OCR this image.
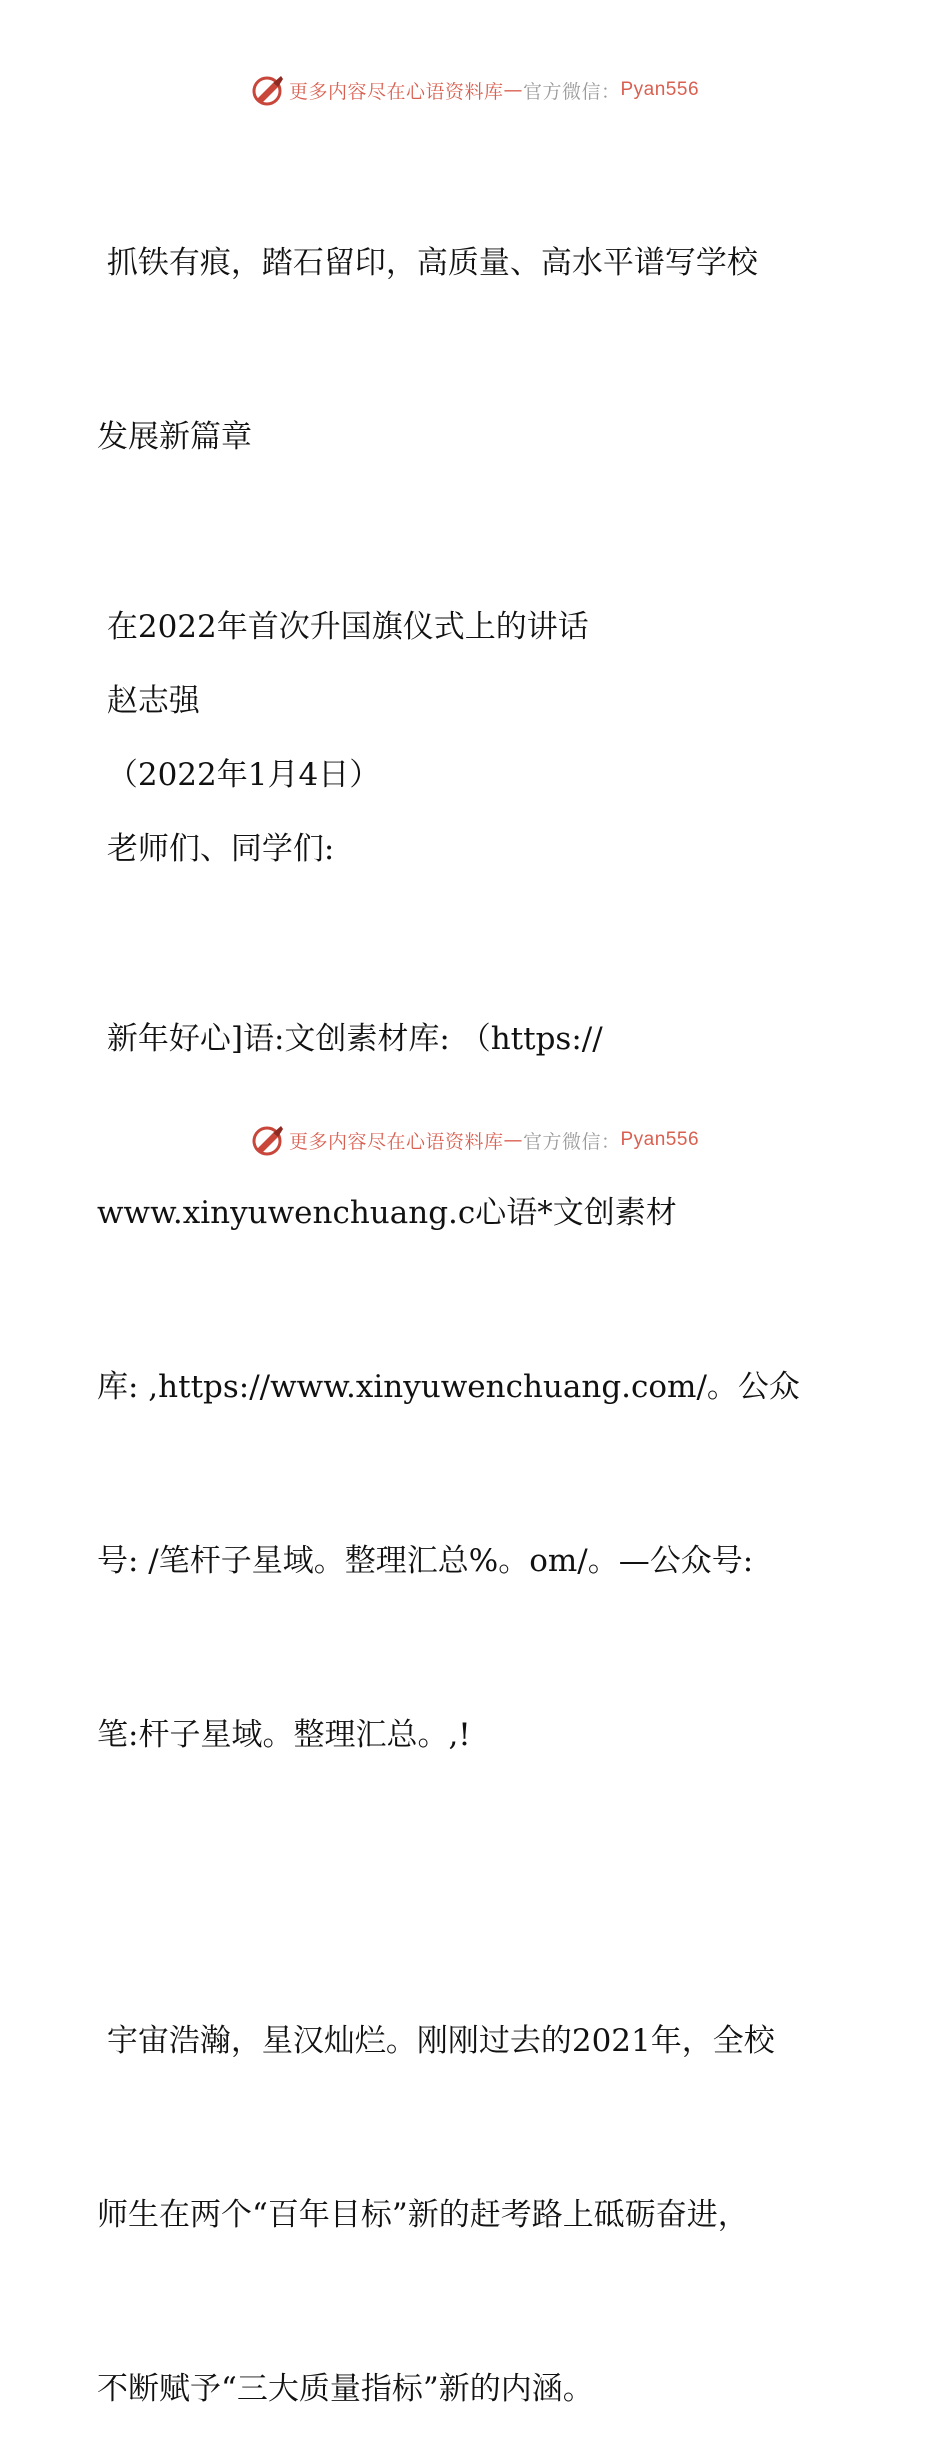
更多内容尽在心语资料库 — 官方微信： Pyan556

抓铁有痕，踏石留印，高质量、高水平谱写学校

发展新篇章

在2022年首次升国旗仪式上的讲话

赵志强

（2022年1月4日）

老师们、同学们:

新年好心]语:文创素材库: （https://

www.xinyuwenchuang.c心语*文创素材

库: ,https://www.xinyuwenchuang.com/。公众

号: /笔杆子星域。整理汇总%。om/。—公众号:

笔:杆子星域。整理汇总。,!

宇宙浩瀚，星汉灿烂。刚刚过去的2021年，全校

师生在两个“百年目标”新的赶考路上砥砺奋进，

不断赋予“三大质量指标”新的内涵。

更多内容尽在心语资料库 — 官方微信： Pyan556
